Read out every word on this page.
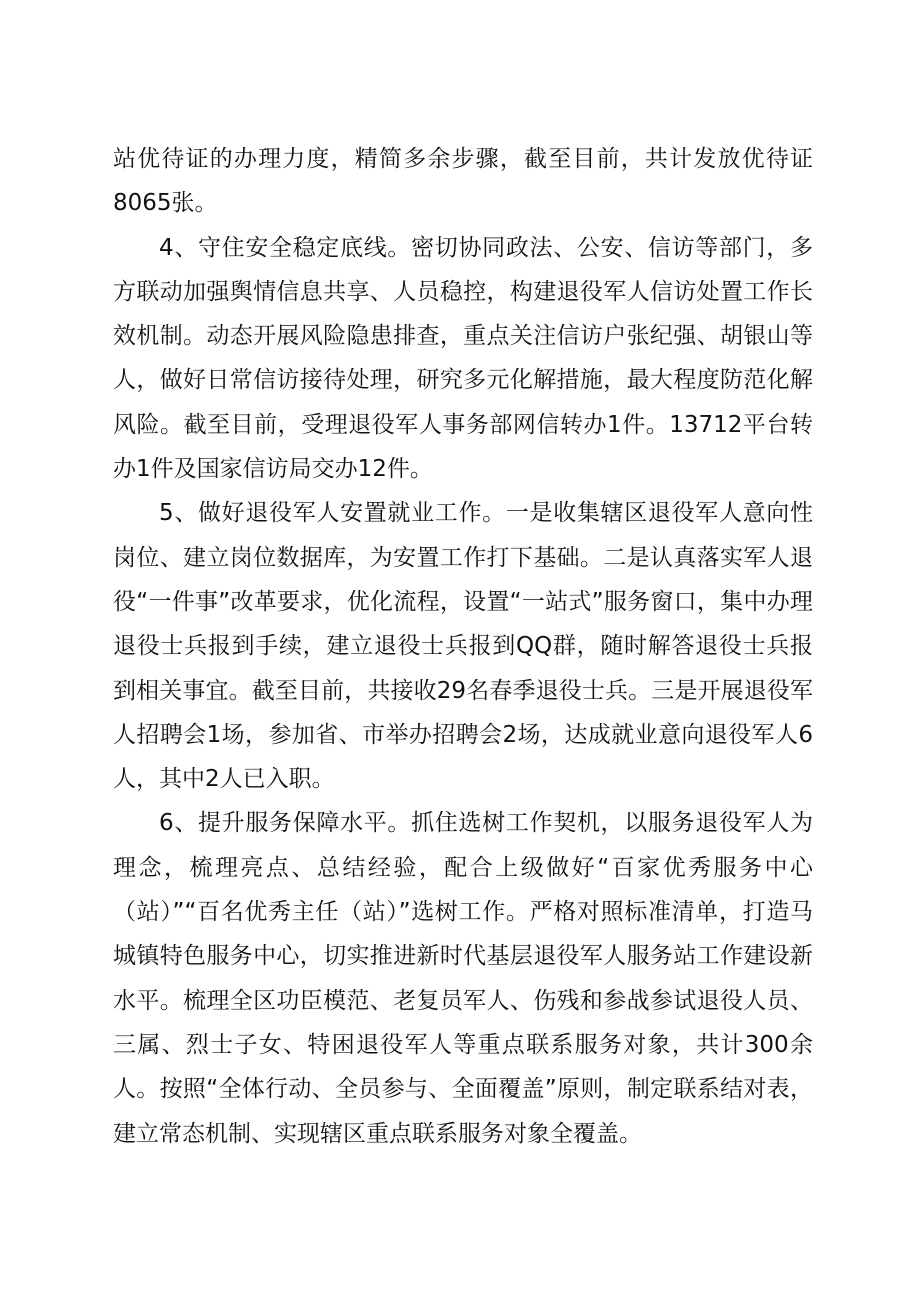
站优待证的办理力度，精简多余步骤，截至目前，共计发放优待证8065张。

4、守住安全稳定底线。密切协同政法、公安、信访等部门，多方联动加强舆情信息共享、人员稳控，构建退役军人信访处置工作长效机制。动态开展风险隐患排查，重点关注信访户张纪强、胡银山等人，做好日常信访接待处理，研究多元化解措施，最大程度防范化解风险。截至目前，受理退役军人事务部网信转办1件。13712平台转办1件及国家信访局交办12件。

5、做好退役军人安置就业工作。一是收集辖区退役军人意向性岗位、建立岗位数据库，为安置工作打下基础。二是认真落实军人退役“一件事”改革要求，优化流程，设置“一站式”服务窗口，集中办理退役士兵报到手续，建立退役士兵报到QQ群，随时解答退役士兵报到相关事宜。截至目前，共接收29名春季退役士兵。三是开展退役军人招聘会1场，参加省、市举办招聘会2场，达成就业意向退役军人6人，其中2人已入职。

6、提升服务保障水平。抓住选树工作契机，以服务退役军人为理念，梳理亮点、总结经验，配合上级做好“百家优秀服务中心（站）”“百名优秀主任（站）”选树工作。严格对照标准清单，打造马城镇特色服务中心，切实推进新时代基层退役军人服务站工作建设新水平。梳理全区功臣模范、老复员军人、伤残和参战参试退役人员、三属、烈士子女、特困退役军人等重点联系服务对象，共计300余人。按照“全体行动、全员参与、全面覆盖”原则，制定联系结对表，建立常态机制、实现辖区重点联系服务对象全覆盖。
